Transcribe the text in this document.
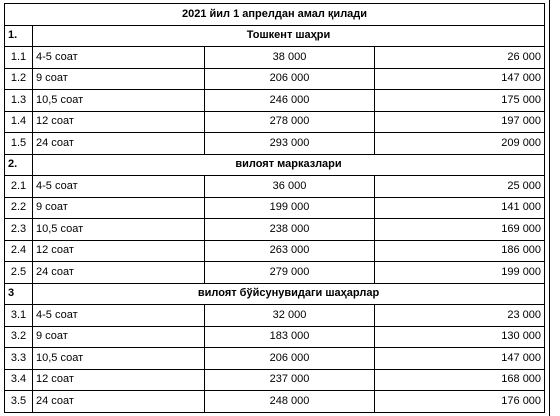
2021 йил 1 апрелдан амал қилади			
1.	Тошкент шаҳри		
1.1	4-5 соат	38 000	26 000
1.2	9 соат	206 000	147 000
1.3	10,5 соат	246 000	175 000
1.4	12 соат	278 000	197 000
1.5	24 соат	293 000	209 000
2.	вилоят марказлари		
2.1	4-5 соат	36 000	25 000
2.2	9 соат	199 000	141 000
2.3	10,5 соат	238 000	169 000
2.4	12 соат	263 000	186 000
2.5	24 соат	279 000	199 000
3	вилоят бўйсунувидаги шаҳарлар		
3.1	4-5 соат	32 000	23 000
3.2	9 соат	183 000	130 000
3.3	10,5 соат	206 000	147 000
3.4	12 соат	237 000	168 000
3.5	24 соат	248 000	176 000
